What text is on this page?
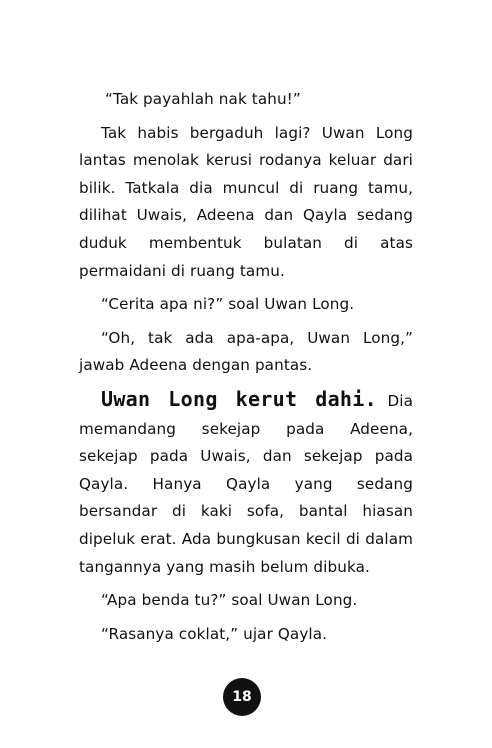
“Tak payahlah nak tahu!”

Tak habis bergaduh lagi? Uwan Long lantas menolak kerusi rodanya keluar dari bilik. Tatkala dia muncul di ruang tamu, dilihat Uwais, Adeena dan Qayla sedang duduk membentuk bulatan di atas permaidani di ruang tamu.

“Cerita apa ni?” soal Uwan Long.

“Oh, tak ada apa-apa, Uwan Long,” jawab Adeena dengan pantas.

Uwan Long kerut dahi. Dia memandang sekejap pada Adeena, sekejap pada Uwais, dan sekejap pada Qayla. Hanya Qayla yang sedang bersandar di kaki sofa, bantal hiasan dipeluk erat. Ada bungkusan kecil di dalam tangannya yang masih belum dibuka.

“Apa benda tu?” soal Uwan Long.

“Rasanya coklat,” ujar Qayla.

18
